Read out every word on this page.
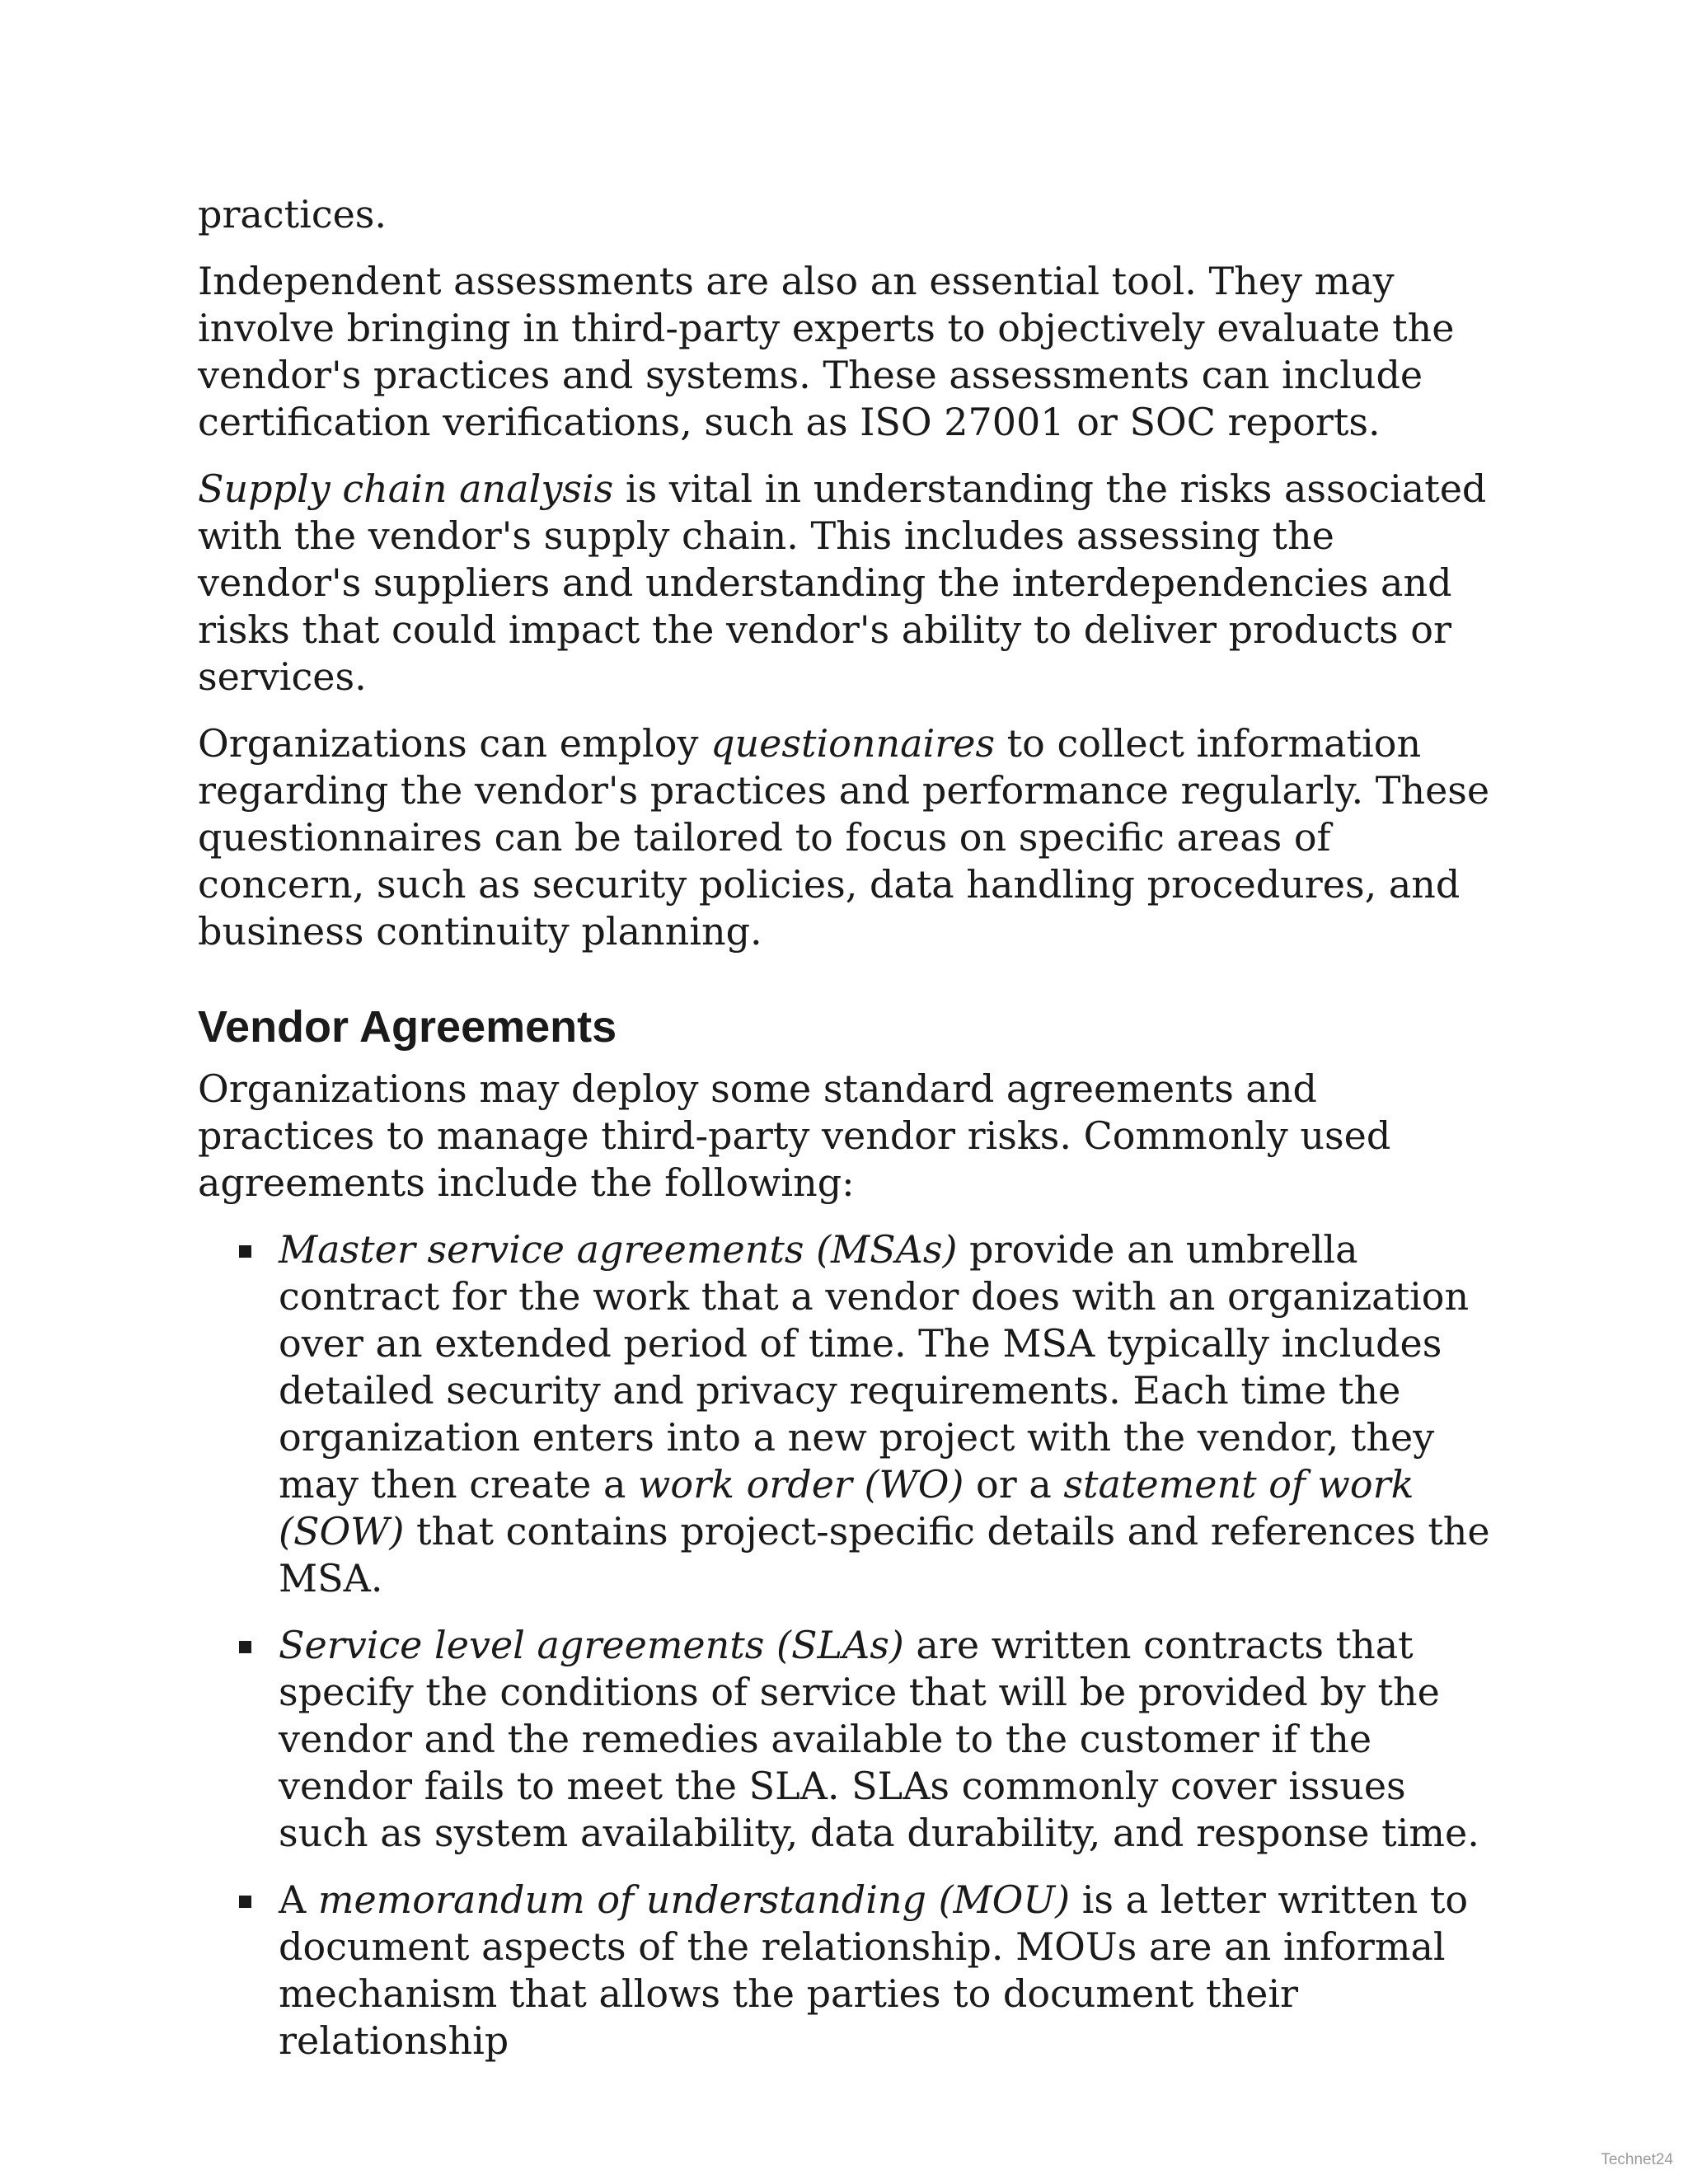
practices.

Independent assessments are also an essential tool. They may involve bringing in third-party experts to objectively evaluate the vendor's practices and systems. These assessments can include certification verifications, such as ISO 27001 or SOC reports.

Supply chain analysis is vital in understanding the risks associated with the vendor's supply chain. This includes assessing the vendor's suppliers and understanding the interdependencies and risks that could impact the vendor's ability to deliver products or services.

Organizations can employ questionnaires to collect information regarding the vendor's practices and performance regularly. These questionnaires can be tailored to focus on specific areas of concern, such as security policies, data handling procedures, and business continuity planning.

Vendor Agreements

Organizations may deploy some standard agreements and practices to manage third-party vendor risks. Commonly used agreements include the following:

Master service agreements (MSAs) provide an umbrella contract for the work that a vendor does with an organization over an extended period of time. The MSA typically includes detailed security and privacy requirements. Each time the organization enters into a new project with the vendor, they may then create a work order (WO) or a statement of work (SOW) that contains project-specific details and references the MSA.
Service level agreements (SLAs) are written contracts that specify the conditions of service that will be provided by the vendor and the remedies available to the customer if the vendor fails to meet the SLA. SLAs commonly cover issues such as system availability, data durability, and response time.
A memorandum of understanding (MOU) is a letter written to document aspects of the relationship. MOUs are an informal mechanism that allows the parties to document their relationship
Technet24
